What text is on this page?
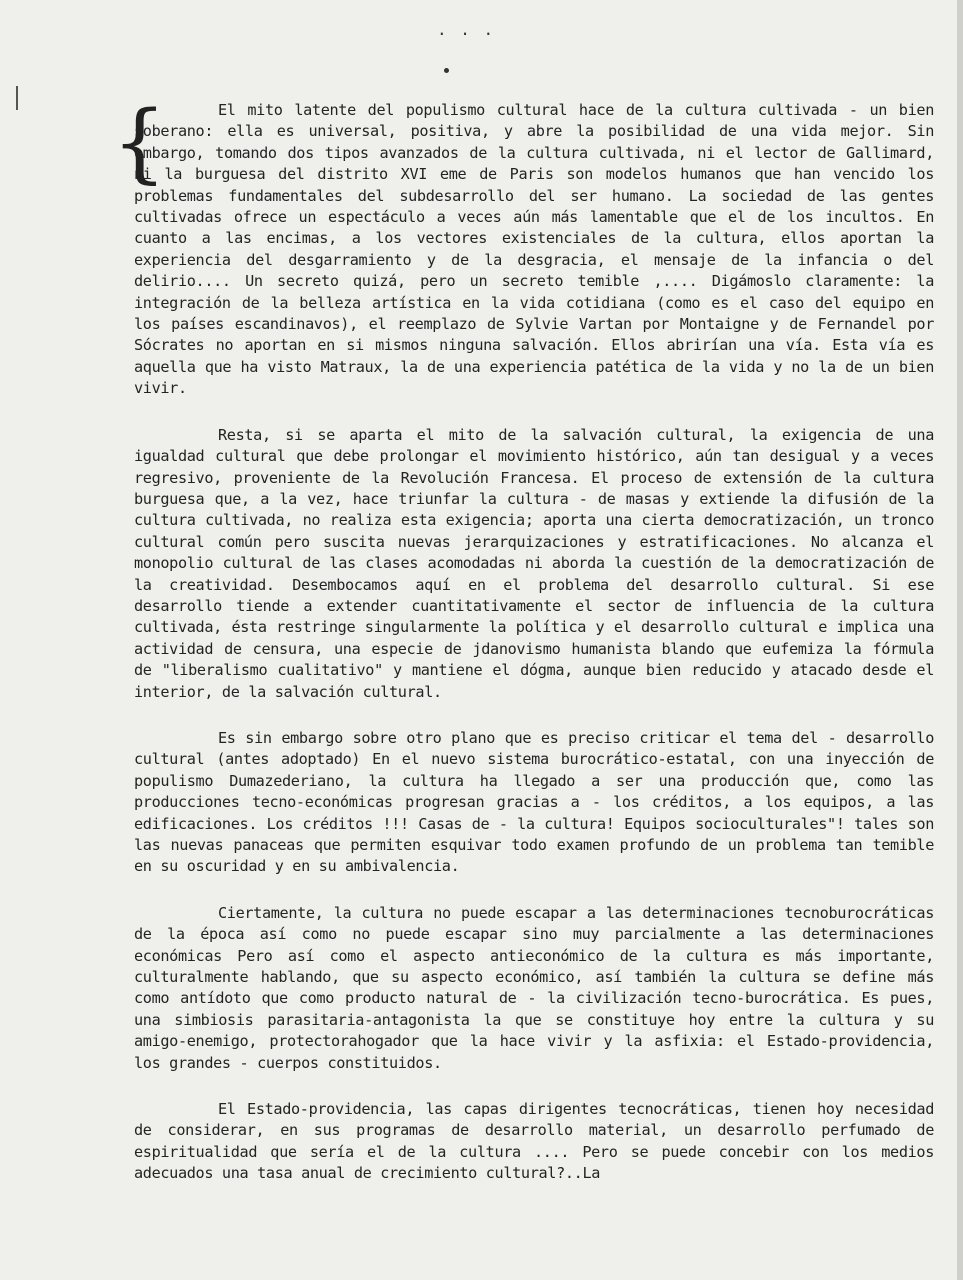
. . .
{	El mito latente del populismo cultural hace de la cultura cultivada - un bien soberano: ella es universal, positiva, y abre la posibilidad de una vida mejor. Sin embargo, tomando dos tipos avanzados de la cultura cultivada, ni el lector de Gallimard, ni la burguesa del distrito XVI eme de Paris son modelos humanos que han vencido los problemas fundamentales del subdesarrollo del ser humano. La sociedad de las gentes cultivadas ofrece un espectáculo a veces aún más lamentable que el de los incultos. En cuanto a las encimas, a los vectores existenciales de la cultura, ellos aportan la experiencia del desgarramiento y de la desgracia, el mensaje de la infancia o del delirio.... Un secreto quizá, pero un secreto temible ,.... Digámoslo claramente: la integración de la belleza artística en la vida cotidiana (como es el caso del equipo en los países escandinavos), el reemplazo de Sylvie Vartan por Montaigne y de Fernandel por Sócrates no aportan en si mismos ninguna salvación. Ellos abrirían una vía. Esta vía es aquella que ha visto Matraux, la de una experiencia patética de la vida y no la de un bien vivir.

Resta, si se aparta el mito de la salvación cultural, la exigencia de una igualdad cultural que debe prolongar el movimiento histórico, aún tan desigual y a veces regresivo, proveniente de la Revolución Francesa. El proceso de extensión de la cultura burguesa que, a la vez, hace triunfar la cultura - de masas y extiende la difusión de la cultura cultivada, no realiza esta exigencia; aporta una cierta democratización, un tronco cultural común pero suscita nuevas jerarquizaciones y estratificaciones. No alcanza el monopolio cultural de las clases acomodadas ni aborda la cuestión de la democratización de la creatividad. Desembocamos aquí en el problema del desarrollo cultural. Si ese desarrollo tiende a extender cuantitativamente el sector de influencia de la cultura cultivada, ésta restringe singularmente la política y el desarrollo cultural e implica una actividad de censura, una especie de jdanovismo humanista blando que eufemiza la fórmula de "liberalismo cualitativo" y mantiene el dógma, aunque bien reducido y atacado desde el interior, de la salvación cultural.

Es sin embargo sobre otro plano que es preciso criticar el tema del - desarrollo cultural (antes adoptado) En el nuevo sistema burocrático-estatal, con una inyección de populismo Dumazederiano, la cultura ha llegado a ser una producción que, como las producciones tecno-económicas progresan gracias a - los créditos, a los equipos, a las edificaciones. Los créditos !!! Casas de - la cultura! Equipos socioculturales"! tales son las nuevas panaceas que permiten esquivar todo examen profundo de un problema tan temible en su oscuridad y en su ambivalencia.

Ciertamente, la cultura no puede escapar a las determinaciones tecnoburocráticas de la época así como no puede escapar sino muy parcialmente a las determinaciones económicas Pero así como el aspecto antieconómico de la cultura es más importante, culturalmente hablando, que su aspecto económico, así también la cultura se define más como antídoto que como producto natural de - la civilización tecno-burocrática. Es pues, una simbiosis parasitaria-antagonista la que se constituye hoy entre la cultura y su amigo-enemigo, protectorahogador que la hace vivir y la asfixia: el Estado-providencia, los grandes - cuerpos constituidos.

El Estado-providencia, las capas dirigentes tecnocráticas, tienen hoy necesidad de considerar, en sus programas de desarrollo material, un desarrollo perfumado de espiritualidad que sería el de la cultura .... Pero se puede concebir con los medios adecuados una tasa anual de crecimiento cultural?..La
